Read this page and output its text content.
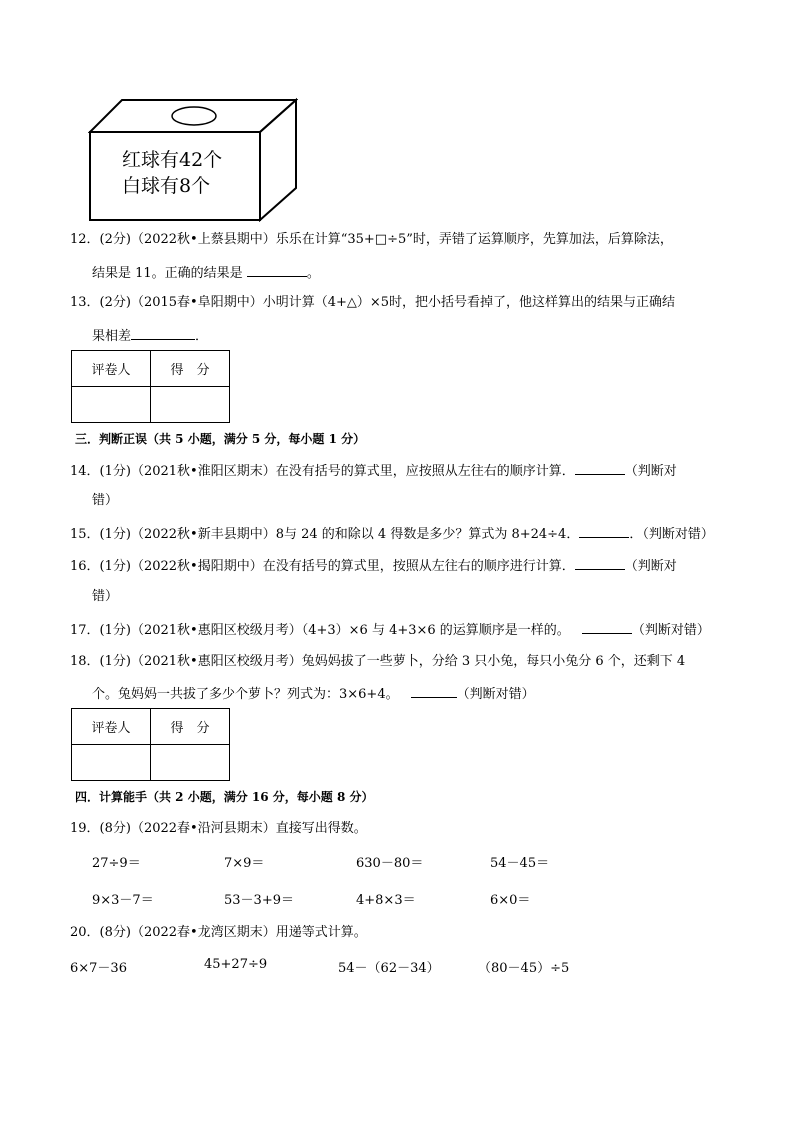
红球有42个
白球有8个
12．(2分)（2022秋•上蔡县期中）乐乐在计算“35+□÷5”时，弄错了运算顺序，先算加法，后算除法，
结果是 11。正确的结果是	。
13．(2分)（2015春•阜阳期中）小明计算（4+△）×5时，把小括号看掉了，他这样算出的结果与正确结
果相差	．
评卷人	得　分

三．判断正误（共 5 小题，满分 5 分，每小题 1 分）
14．(1分)（2021秋•淮阳区期末）在没有括号的算式里，应按照从左往右的顺序计算．	（判断对
错）
15．(1分)（2022秋•新丰县期中）8与 24 的和除以 4 得数是多少？算式为 8+24÷4．	．（判断对错）
16．(1分)（2022秋•揭阳期中）在没有括号的算式里，按照从左往右的顺序进行计算．	（判断对
错）
17．(1分)（2021秋•惠阳区校级月考）（4+3）×6 与 4+3×6 的运算顺序是一样的。	（判断对错）
18．(1分)（2021秋•惠阳区校级月考）兔妈妈拔了一些萝卜，分给 3 只小兔，每只小兔分 6 个，还剩下 4
个。兔妈妈一共拔了多少个萝卜？列式为：3×6+4。	（判断对错）
评卷人	得　分

四．计算能手（共 2 小题，满分 16 分，每小题 8 分）
19．(8分)（2022春•沿河县期末）直接写出得数。
27÷9＝	7×9＝	630－80＝	54－45＝
9×3－7＝	53－3+9＝	4+8×3＝	6×0＝
20．(8分)（2022春•龙湾区期末）用递等式计算。
6×7－36	45+27÷9	54－（62－34）	（80－45）÷5
